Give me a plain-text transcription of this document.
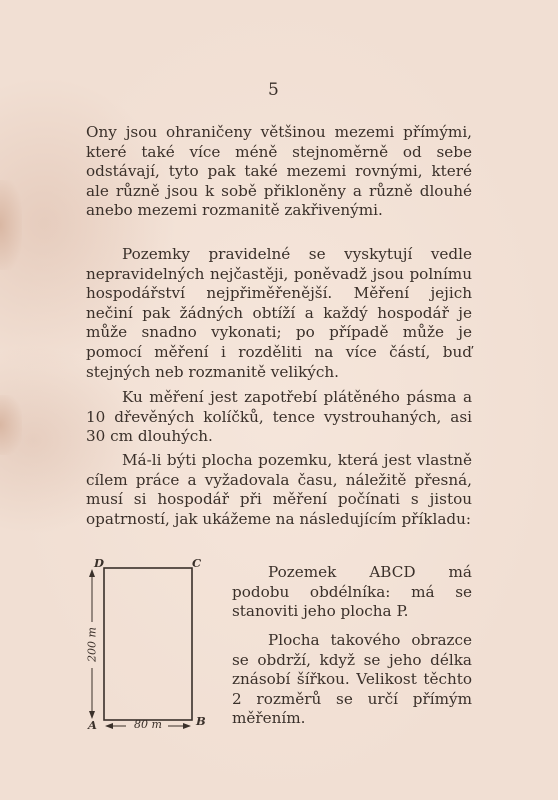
5

Ony jsou ohraničeny většinou mezemi přímými, které také více méně stejnoměrně od sebe odstávají, tyto pak také mezemi rovnými, které ale různě jsou k sobě přikloněny a různě dlouhé anebo mezemi rozmanitě zakřivenými.

Pozemky pravidelné se vyskytují vedle nepravidelných nejčastěji, poněvadž jsou polnímu hospodářství nejpřiměřenější. Měření jejich nečiní pak žádných obtíží a každý hospodář je může snadno vykonati; po případě může je pomocí měření i rozděliti na více částí, buď stejných neb rozmanitě velikých.

Ku měření jest zapotřebí plátěného pásma a 10 dřevěných kolíčků, tence vystrouhaných, asi 30 cm dlouhých.

Má-li býti plocha pozemku, která jest vlastně cílem práce a vyžadovala času, náležitě přesná, musí si hospodář při měření počínati s jistou opatrností, jak ukážeme na následujícím příkladu:

D	C
A	B
200 m
80 m

Pozemek ABCD má podobu obdélníka: má se stanoviti jeho plocha P.

Plocha takového obrazce se obdrží, když se jeho délka znásobí šířkou. Velikost těchto 2 rozměrů se určí přímým měřením.
